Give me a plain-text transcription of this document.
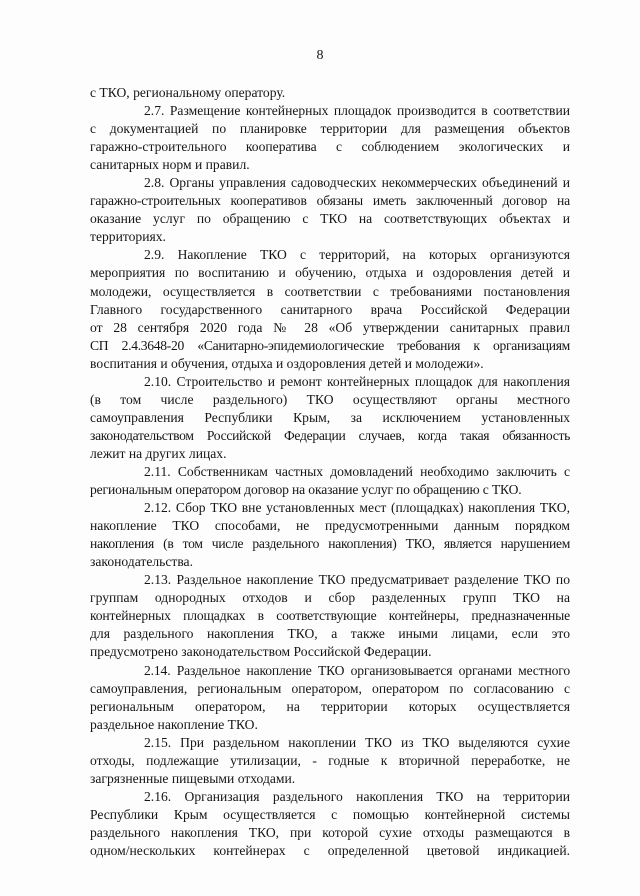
8

с ТКО, региональному оператору.

2.7. Размещение контейнерных площадок производится в соответствии
с документацией по планировке территории для размещения объектов
гаражно-строительного кооператива с соблюдением экологических и
санитарных норм и правил.

2.8. Органы управления садоводческих некоммерческих объединений и
гаражно-строительных кооперативов обязаны иметь заключенный договор на
оказание услуг по обращению с ТКО на соответствующих объектах и
территориях.

2.9. Накопление ТКО с территорий, на которых организуются
мероприятия по воспитанию и обучению, отдыха и оздоровления детей и
молодежи, осуществляется в соответствии с требованиями постановления
Главного государственного санитарного врача Российской Федерации
от 28 сентября 2020 года № 28 «Об утверждении санитарных правил
СП 2.4.3648-20 «Санитарно-эпидемиологические требования к организациям
воспитания и обучения, отдыха и оздоровления детей и молодежи».

2.10. Строительство и ремонт контейнерных площадок для накопления
(в том числе раздельного) ТКО осуществляют органы местного
самоуправления Республики Крым, за исключением установленных
законодательством Российской Федерации случаев, когда такая обязанность
лежит на других лицах.

2.11. Собственникам частных домовладений необходимо заключить с
региональным оператором договор на оказание услуг по обращению с ТКО.

2.12. Сбор ТКО вне установленных мест (площадках) накопления ТКО,
накопление ТКО способами, не предусмотренными данным порядком
накопления (в том числе раздельного накопления) ТКО, является нарушением
законодательства.

2.13. Раздельное накопление ТКО предусматривает разделение ТКО по
группам однородных отходов и сбор разделенных групп ТКО на
контейнерных площадках в соответствующие контейнеры, предназначенные
для раздельного накопления ТКО, а также иными лицами, если это
предусмотрено законодательством Российской Федерации.

2.14. Раздельное накопление ТКО организовывается органами местного
самоуправления, региональным оператором, оператором по согласованию с
региональным оператором, на территории которых осуществляется
раздельное накопление ТКО.

2.15. При раздельном накоплении ТКО из ТКО выделяются сухие
отходы, подлежащие утилизации, - годные к вторичной переработке, не
загрязненные пищевыми отходами.

2.16. Организация раздельного накопления ТКО на территории
Республики Крым осуществляется с помощью контейнерной системы
раздельного накопления ТКО, при которой сухие отходы размещаются в
одном/нескольких контейнерах с определенной цветовой индикацией.
